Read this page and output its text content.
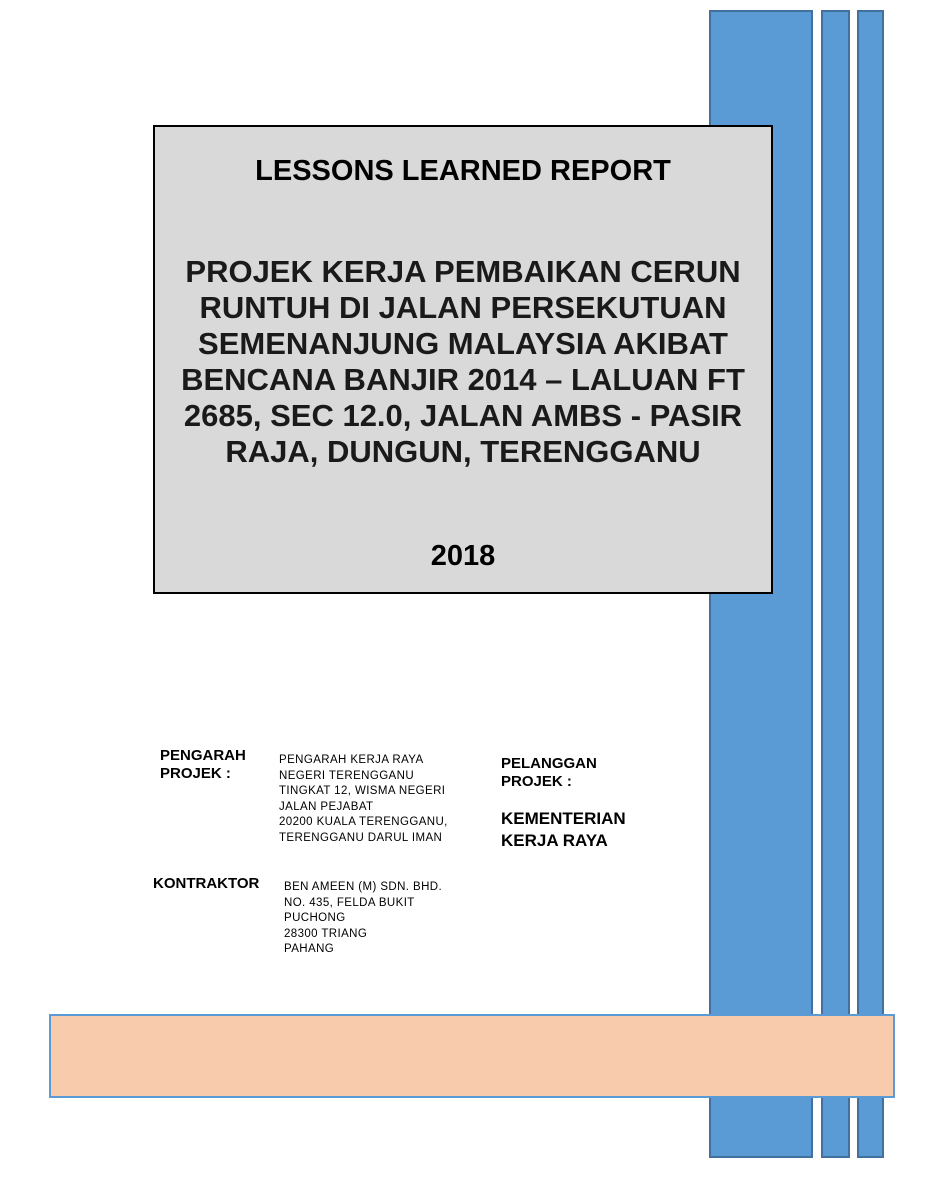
LESSONS LEARNED REPORT
PROJEK KERJA PEMBAIKAN CERUN RUNTUH DI JALAN PERSEKUTUAN SEMENANJUNG MALAYSIA AKIBAT BENCANA BANJIR 2014 – LALUAN FT 2685, SEC 12.0, JALAN AMBS - PASIR RAJA, DUNGUN, TERENGGANU
2018
PENGARAH
PROJEK :
PENGARAH KERJA RAYA
NEGERI TERENGGANU
TINGKAT 12, WISMA NEGERI
JALAN PEJABAT
20200 KUALA TERENGGANU,
TERENGGANU DARUL IMAN
PELANGGAN
PROJEK :
KEMENTERIAN
KERJA RAYA
KONTRAKTOR BEN AMEEN (M) SDN. BHD.
NO. 435, FELDA BUKIT
PUCHONG
28300 TRIANG
PAHANG
